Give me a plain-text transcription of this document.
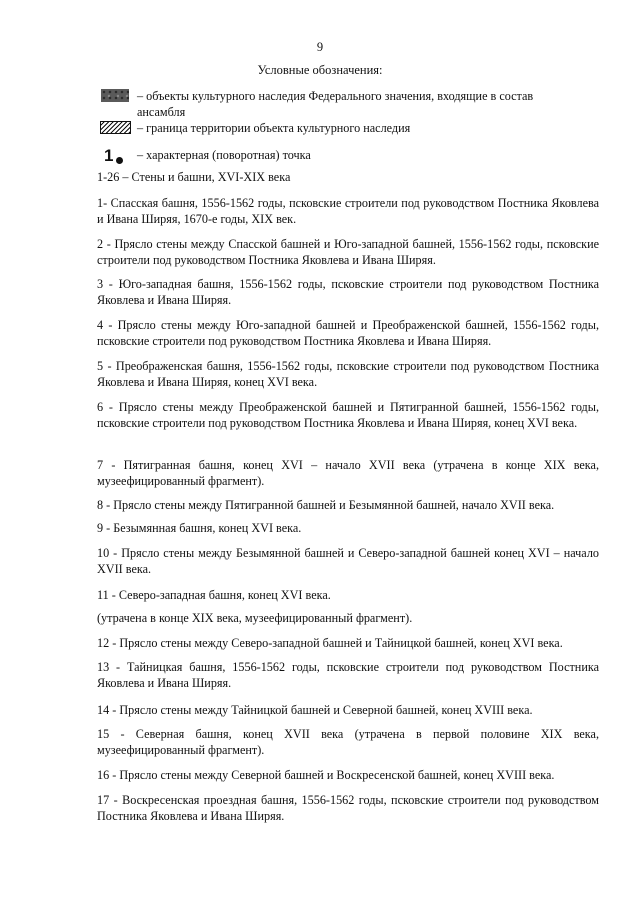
9
Условные обозначения:
– объекты культурного наследия Федерального значения, входящие в состав ансамбля
– граница территории объекта культурного наследия
1 – характерная (поворотная) точка
1-26 – Стены и башни, XVI-XIX века
1- Спасская башня, 1556-1562 годы, псковские строители под руководством Постника Яковлева и Ивана Ширяя, 1670-е годы, XIX век.
2 - Прясло стены между Спасской башней и Юго-западной башней, 1556-1562 годы, псковские строители под руководством Постника Яковлева и Ивана Ширяя.
3 - Юго-западная башня, 1556-1562 годы, псковские строители под руководством Постника Яковлева и Ивана Ширяя.
4 - Прясло стены между Юго-западной башней и Преображенской башней, 1556-1562 годы, псковские строители под руководством Постника Яковлева и Ивана Ширяя.
5 - Преображенская башня, 1556-1562 годы, псковские строители под руководством Постника Яковлева и Ивана Ширяя, конец XVI века.
6 - Прясло стены между Преображенской башней и Пятигранной башней, 1556-1562 годы, псковские строители под руководством Постника Яковлева и Ивана Ширяя, конец XVI века.
7 - Пятигранная башня, конец XVI – начало XVII века (утрачена в конце XIX века, музеефицированный фрагмент).
8 - Прясло стены между Пятигранной башней и Безымянной башней, начало XVII века.
9 - Безымянная башня, конец XVI века.
10 - Прясло стены между Безымянной башней и Северо-западной башней конец XVI – начало XVII века.
11 - Северо-западная башня, конец XVI века.
(утрачена в конце XIX века, музеефицированный фрагмент).
12 - Прясло стены между Северо-западной башней и Тайницкой башней, конец XVI века.
13 - Тайницкая башня, 1556-1562 годы, псковские строители под руководством Постника Яковлева и Ивана Ширяя.
14 - Прясло стены между Тайницкой башней и Северной башней, конец XVIII века.
15 - Северная башня, конец XVII века (утрачена в первой половине XIX века, музеефицированный фрагмент).
16 - Прясло стены между Северной башней и Воскресенской башней, конец XVIII века.
17 - Воскресенская проездная башня, 1556-1562 годы, псковские строители под руководством Постника Яковлева и Ивана Ширяя.
